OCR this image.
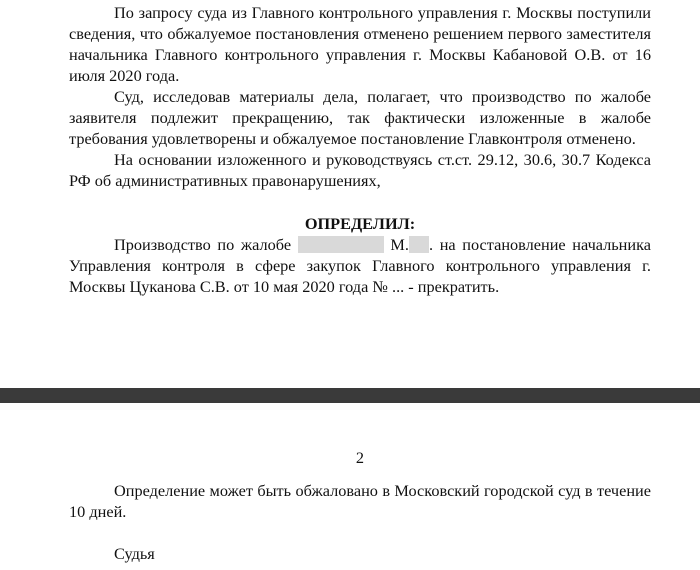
По запросу суда из Главного контрольного управления г. Москвы поступили сведения, что обжалуемое постановления отменено решением первого заместителя начальника Главного контрольного управления г. Москвы Кабановой О.В. от 16 июля 2020 года.

Суд, исследовав материалы дела, полагает, что производство по жалобе заявителя подлежит прекращению, так фактически изложенные в жалобе требования удовлетворены и обжалуемое постановление Главконтроля отменено.

На основании изложенного и руководствуясь ст.ст. 29.12, 30.6, 30.7 Кодекса РФ об административных правонарушениях,

ОПРЕДЕЛИЛ:

Производство по жалобе	М. . на постановление начальника Управления контроля в сфере закупок Главного контрольного управления г. Москвы Цуканова С.В. от 10 мая 2020 года № ... - прекратить.

2

Определение может быть обжаловано в Московский городской суд в течение 10 дней.

Судья
